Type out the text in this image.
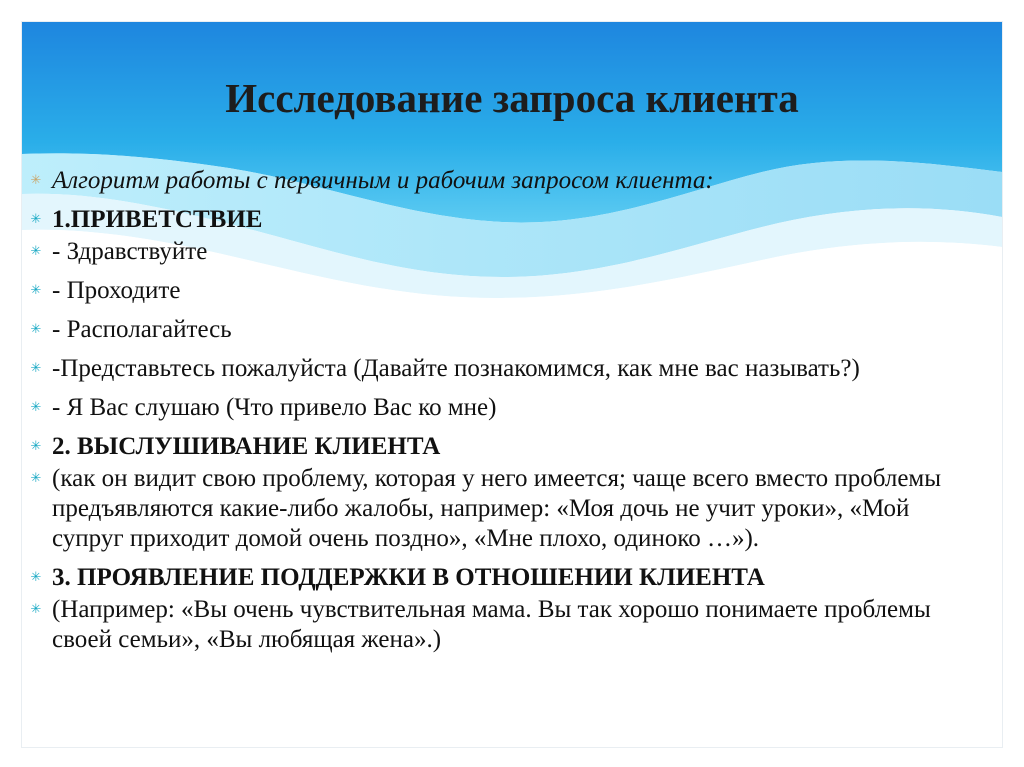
Исследование запроса клиента
✳ Алгоритм работы с первичным и рабочим запросом клиента:
✳ 1.ПРИВЕТСТВИЕ
✳ - Здравствуйте
✳ - Проходите
✳ - Располагайтесь
✳ -Представьтесь пожалуйста (Давайте познакомимся, как мне вас называть?)
✳ - Я Вас слушаю (Что привело Вас ко мне)
✳ 2. ВЫСЛУШИВАНИЕ КЛИЕНТА
✳ (как он видит свою проблему, которая у него имеется; чаще всего вместо проблемы предъявляются какие-либо жалобы, например: «Моя дочь не учит уроки», «Мой супруг приходит домой очень поздно», «Мне плохо, одиноко …»).
✳ 3. ПРОЯВЛЕНИЕ ПОДДЕРЖКИ В ОТНОШЕНИИ КЛИЕНТА
✳ (Например: «Вы очень чувствительная мама. Вы так хорошо понимаете проблемы своей семьи», «Вы любящая жена».)
